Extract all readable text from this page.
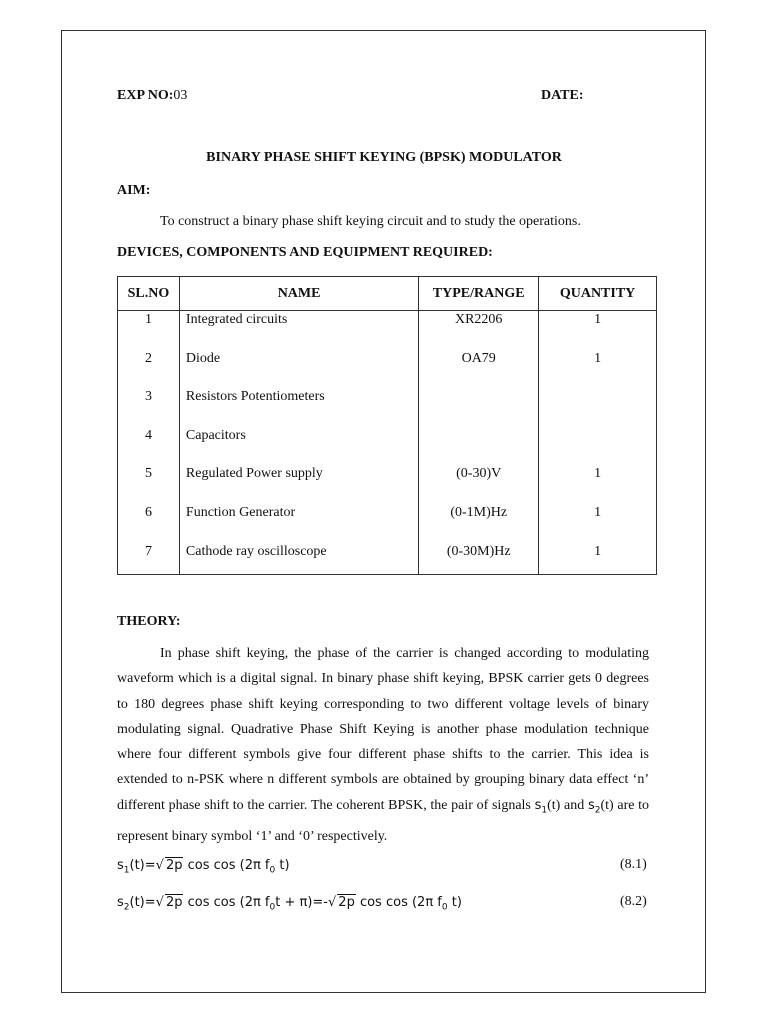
EXP NO:03	DATE:
BINARY PHASE SHIFT KEYING (BPSK) MODULATOR
AIM:
To construct a binary phase shift keying circuit and to study the operations.
DEVICES, COMPONENTS AND EQUIPMENT REQUIRED:
SL.NO	NAME	TYPE/RANGE	QUANTITY
1	Integrated circuits	XR2206	1
2	Diode	OA79	1
3	Resistors Potentiometers		
4	Capacitors		
5	Regulated Power supply	(0-30)V	1
6	Function Generator	(0-1M)Hz	1
7	Cathode ray oscilloscope	(0-30M)Hz	1
THEORY:
In phase shift keying, the phase of the carrier is changed according to modulating waveform which is a digital signal. In binary phase shift keying, BPSK carrier gets 0 degrees to 180 degrees phase shift keying corresponding to two different voltage levels of binary modulating signal. Quadrative Phase Shift Keying is another phase modulation technique where four different symbols give four different phase shifts to the carrier. This idea is extended to n-PSK where n different symbols are obtained by grouping binary data effect ‘n’ different phase shift to the carrier. The coherent BPSK, the pair of signals $s_1(t)$ and $s_2(t)$ are to represent binary symbol ‘1’ and ‘0’ respectively.
$s_1(t)=√$ 2p cos cos (2π $f_0$ t)	(8.1)
$s_2(t)=√$ 2p cos cos (2π $f_0t + \pi)=-√$ 2p cos cos (2π $f_0$ t)	(8.2)
